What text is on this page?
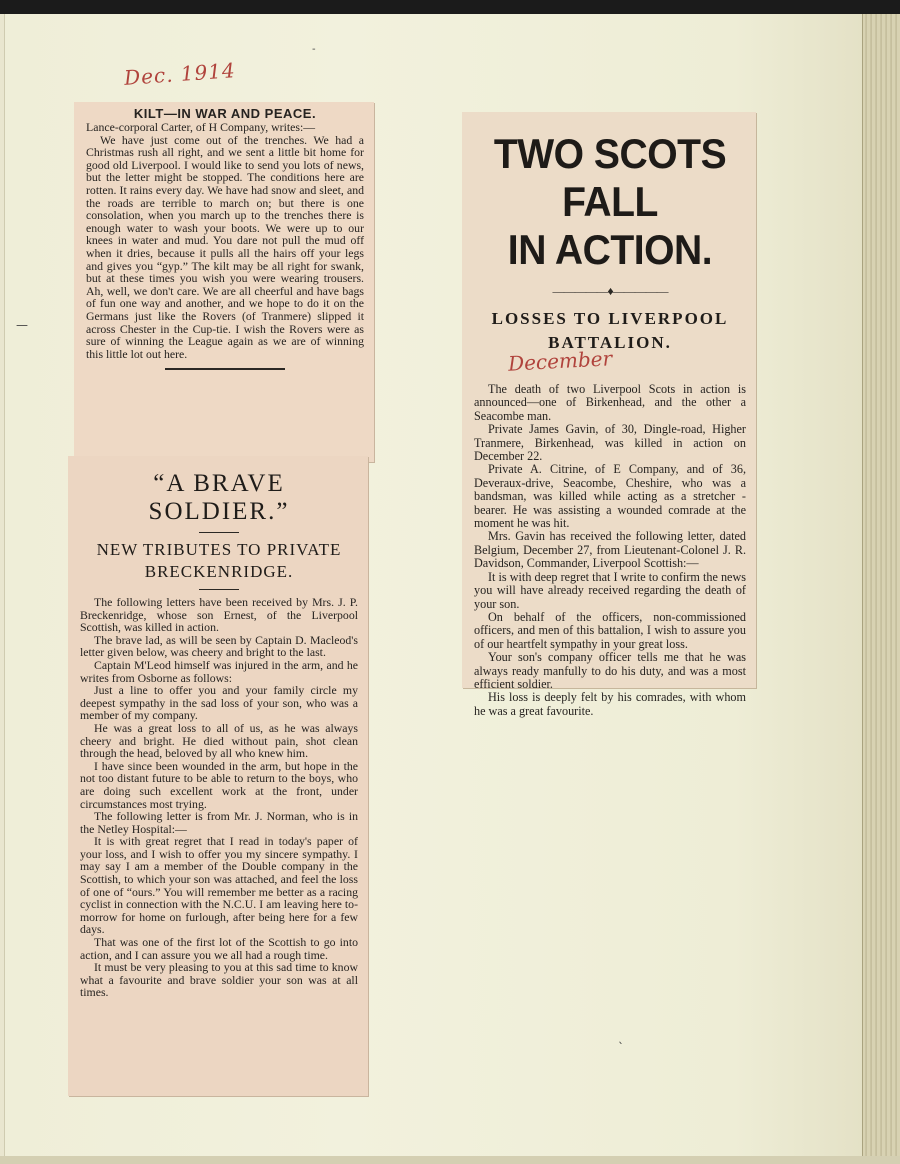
—
-
ˎ
Dec. 1914
KILT—IN WAR AND PEACE.

Lance-corporal Carter, of H Company, writes:—

We have just come out of the trenches. We had a Christmas rush all right, and we sent a little bit home for good old Liverpool. I would like to send you lots of news, but the letter might be stopped. The conditions here are rotten. It rains every day. We have had snow and sleet, and the roads are terrible to march on; but there is one consolation, when you march up to the trenches there is enough water to wash your boots. We were up to our knees in water and mud. You dare not pull the mud off when it dries, because it pulls all the hairs off your legs and gives you “gyp.” The kilt may be all right for swank, but at these times you wish you were wearing trousers. Ah, well, we don't care. We are all cheerful and have bags of fun one way and another, and we hope to do it on the Germans just like the Rovers (of Tranmere) slipped it across Chester in the Cup-tie. I wish the Rovers were as sure of winning the League again as we are of winning this little lot out here.

“A BRAVE SOLDIER.”
NEW TRIBUTES TO PRIVATE
BRECKENRIDGE.

The following letters have been received by Mrs. J. P. Breckenridge, whose son Ernest, of the Liverpool Scottish, was killed in action.

The brave lad, as will be seen by Captain D. Macleod's letter given below, was cheery and bright to the last.

Captain M'Leod himself was injured in the arm, and he writes from Osborne as follows:

Just a line to offer you and your family circle my deepest sympathy in the sad loss of your son, who was a member of my company.

He was a great loss to all of us, as he was always cheery and bright. He died without pain, shot clean through the head, beloved by all who knew him.

I have since been wounded in the arm, but hope in the not too distant future to be able to return to the boys, who are doing such excellent work at the front, under circumstances most trying.

The following letter is from Mr. J. Norman, who is in the Netley Hospital:—

It is with great regret that I read in today's paper of your loss, and I wish to offer you my sincere sympathy. I may say I am a member of the Double company in the Scottish, to which your son was attached, and feel the loss of one of “ours.” You will remember me better as a racing cyclist in connection with the N.C.U. I am leaving here to-morrow for home on furlough, after being here for a few days.

That was one of the first lot of the Scottish to go into action, and I can assure you we all had a rough time.

It must be very pleasing to you at this sad time to know what a favourite and brave soldier your son was at all times.

TWO SCOTS FALL
IN ACTION.
—————♦—————
LOSSES TO LIVERPOOL
BATTALION.
December

The death of two Liverpool Scots in action is announced—one of Birkenhead, and the other a Seacombe man.

Private James Gavin, of 30, Dingle-road, Higher Tranmere, Birkenhead, was killed in action on December 22.

Private A. Citrine, of E Company, and of 36, Deveraux-drive, Seacombe, Cheshire, who was a bandsman, was killed while acting as a stretcher - bearer. He was assisting a wounded comrade at the moment he was hit.

Mrs. Gavin has received the following letter, dated Belgium, December 27, from Lieutenant-Colonel J. R. Davidson, Commander, Liverpool Scottish:—

It is with deep regret that I write to confirm the news you will have already received regarding the death of your son.

On behalf of the officers, non-commissioned officers, and men of this battalion, I wish to assure you of our heartfelt sympathy in your great loss.

Your son's company officer tells me that he was always ready manfully to do his duty, and was a most efficient soldier.

His loss is deeply felt by his comrades, with whom he was a great favourite.
